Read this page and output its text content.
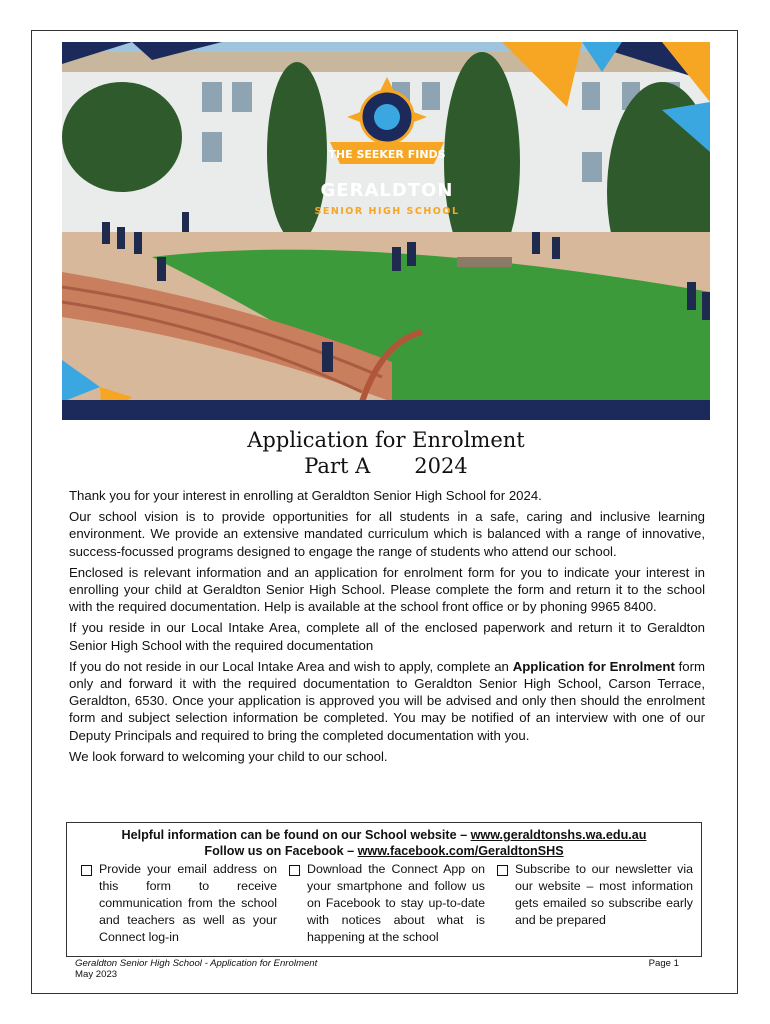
THE SEEKER FINDS
GERALDTON
SENIOR HIGH SCHOOL
Application for Enrolment
Part A 2024

Thank you for your interest in enrolling at Geraldton Senior High School for 2024.

Our school vision is to provide opportunities for all students in a safe, caring and inclusive learning environment. We provide an extensive mandated curriculum which is balanced with a range of innovative, success-focussed programs designed to engage the range of students who attend our school.

Enclosed is relevant information and an application for enrolment form for you to indicate your interest in enrolling your child at Geraldton Senior High School. Please complete the form and return it to the school with the required documentation. Help is available at the school front office or by phoning 9965 8400.

If you reside in our Local Intake Area, complete all of the enclosed paperwork and return it to Geraldton Senior High School with the required documentation

If you do not reside in our Local Intake Area and wish to apply, complete an Application for Enrolment form only and forward it with the required documentation to Geraldton Senior High School, Carson Terrace, Geraldton, 6530. Once your application is approved you will be advised and only then should the enrolment form and subject selection information be completed. You may be notified of an interview with one of our Deputy Principals and required to bring the completed documentation with you.

We look forward to welcoming your child to our school.

Helpful information can be found on our School website – www.geraldtonshs.wa.edu.au
Follow us on Facebook – www.facebook.com/GeraldtonSHS
Provide your email address on this form to receive communication from the school and teachers as well as your Connect log-in
Download the Connect App on your smartphone and follow us on Facebook to stay up-to-date with notices about what is happening at the school
Subscribe to our newsletter via our website – most information gets emailed so subscribe early and be prepared
Geraldton Senior High School - Application for Enrolment
May 2023
Page 1
